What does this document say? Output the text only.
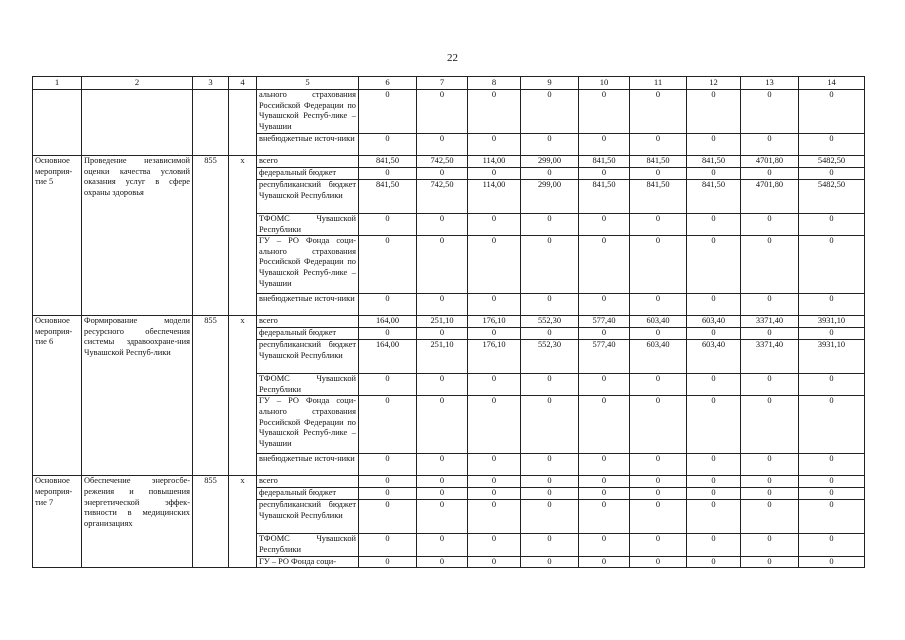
22
1	2	3	4	5	6	7	8	9	10	11	12	13	14
				ального страхования Российской Федерации по Чувашской Респуб-лике – Чувашии	0	0	0	0	0	0	0	0	0
				внебюджетные источ-ники	0	0	0	0	0	0	0	0	0
Основное мероприя-тие 5	Проведение независимой оценки качества условий оказания услуг в сфере охраны здоровья	855	x	всего	841,50	742,50	114,00	299,00	841,50	841,50	841,50	4701,80	5482,50
				федеральный бюджет	0	0	0	0	0	0	0	0	0
				республиканский бюджет Чувашской Республики	841,50	742,50	114,00	299,00	841,50	841,50	841,50	4701,80	5482,50
				ТФОМС Чувашской Республики	0	0	0	0	0	0	0	0	0
				ГУ – РО Фонда соци-ального страхования Российской Федерации по Чувашской Респуб-лике – Чувашии	0	0	0	0	0	0	0	0	0
				внебюджетные источ-ники	0	0	0	0	0	0	0	0	0
Основное мероприя-тие 6	Формирование модели ресурсного обеспечения системы здравоохране-ния Чувашской Респуб-лики	855	x	всего	164,00	251,10	176,10	552,30	577,40	603,40	603,40	3371,40	3931,10
				федеральный бюджет	0	0	0	0	0	0	0	0	0
				республиканский бюджет Чувашской Республики	164,00	251,10	176,10	552,30	577,40	603,40	603,40	3371,40	3931,10
				ТФОМС Чувашской Республики	0	0	0	0	0	0	0	0	0
				ГУ – РО Фонда соци-ального страхования Российской Федерации по Чувашской Респуб-лике – Чувашии	0	0	0	0	0	0	0	0	0
				внебюджетные источ-ники	0	0	0	0	0	0	0	0	0
Основное мероприя-тие 7	Обеспечение энергосбе-режения и повышения энергетической эффек-тивности в медицинских организациях	855	x	всего	0	0	0	0	0	0	0	0	0
				федеральный бюджет	0	0	0	0	0	0	0	0	0
				республиканский бюджет Чувашской Республики	0	0	0	0	0	0	0	0	0
				ТФОМС Чувашской Республики	0	0	0	0	0	0	0	0	0
				ГУ – РО Фонда соци-	0	0	0	0	0	0	0	0	0
